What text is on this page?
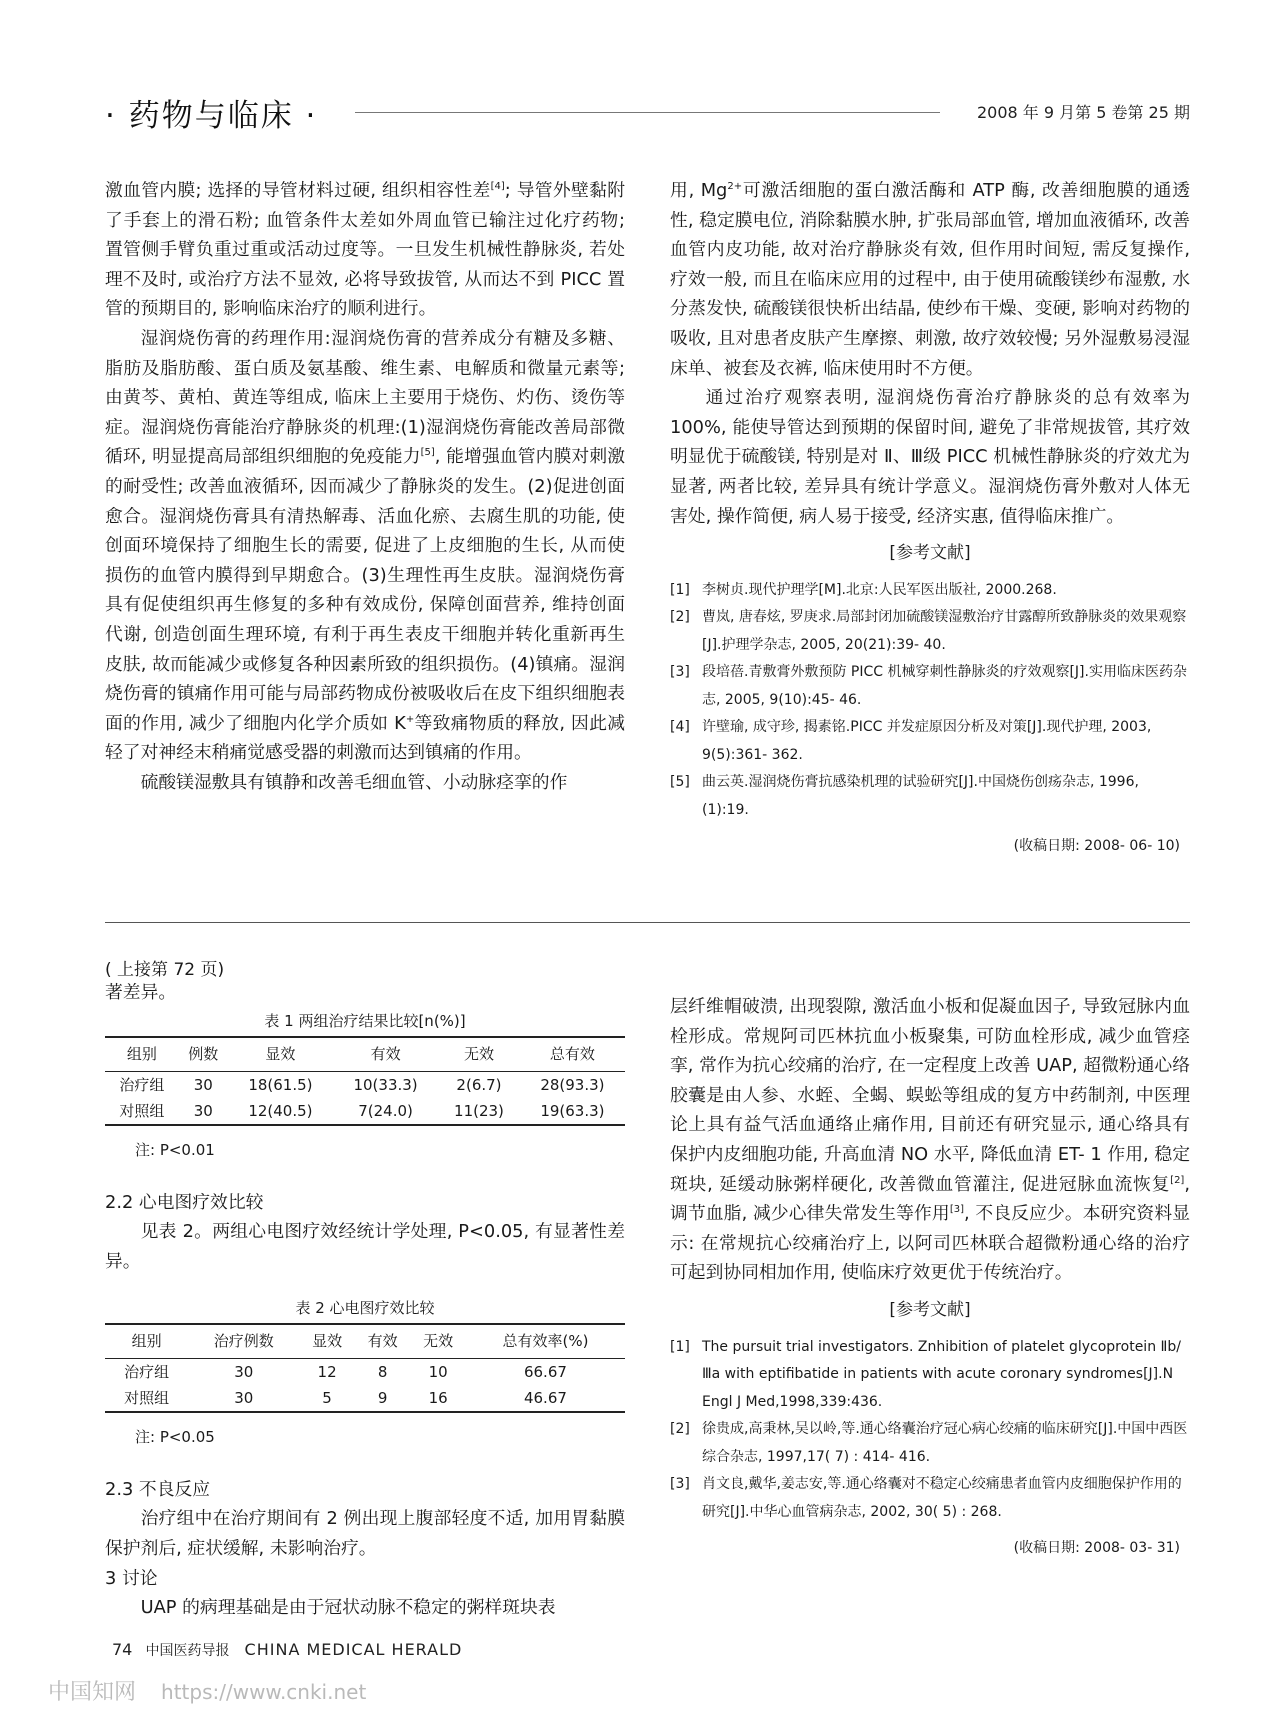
· 药物与临床 ·	2008 年 9 月第 5 卷第 25 期

激血管内膜; 选择的导管材料过硬, 组织相容性差[4]; 导管外壁黏附了手套上的滑石粉; 血管条件太差如外周血管已输注过化疗药物; 置管侧手臂负重过重或活动过度等。一旦发生机械性静脉炎, 若处理不及时, 或治疗方法不显效, 必将导致拔管, 从而达不到 PICC 置管的预期目的, 影响临床治疗的顺利进行。

湿润烧伤膏的药理作用:湿润烧伤膏的营养成分有糖及多糖、脂肪及脂肪酸、蛋白质及氨基酸、维生素、电解质和微量元素等; 由黄芩、黄柏、黄连等组成, 临床上主要用于烧伤、灼伤、烫伤等症。湿润烧伤膏能治疗静脉炎的机理:(1)湿润烧伤膏能改善局部微循环, 明显提高局部组织细胞的免疫能力[5], 能增强血管内膜对刺激的耐受性; 改善血液循环, 因而减少了静脉炎的发生。(2)促进创面愈合。湿润烧伤膏具有清热解毒、活血化瘀、去腐生肌的功能, 使创面环境保持了细胞生长的需要, 促进了上皮细胞的生长, 从而使损伤的血管内膜得到早期愈合。(3)生理性再生皮肤。湿润烧伤膏具有促使组织再生修复的多种有效成份, 保障创面营养, 维持创面代谢, 创造创面生理环境, 有利于再生表皮干细胞并转化重新再生皮肤, 故而能减少或修复各种因素所致的组织损伤。(4)镇痛。湿润烧伤膏的镇痛作用可能与局部药物成份被吸收后在皮下组织细胞表面的作用, 减少了细胞内化学介质如 K+等致痛物质的释放, 因此减轻了对神经末稍痛觉感受器的刺激而达到镇痛的作用。

硫酸镁湿敷具有镇静和改善毛细血管、小动脉痉挛的作

用, $Mg^{2+}$可激活细胞的蛋白激活酶和 ATP 酶, 改善细胞膜的通透性, 稳定膜电位, 消除黏膜水肿, 扩张局部血管, 增加血液循环, 改善血管内皮功能, 故对治疗静脉炎有效, 但作用时间短, 需反复操作, 疗效一般, 而且在临床应用的过程中, 由于使用硫酸镁纱布湿敷, 水分蒸发快, 硫酸镁很快析出结晶, 使纱布干燥、变硬, 影响对药物的吸收, 且对患者皮肤产生摩擦、刺激, 故疗效较慢; 另外湿敷易浸湿床单、被套及衣裤, 临床使用时不方便。

通过治疗观察表明, 湿润烧伤膏治疗静脉炎的总有效率为 100%, 能使导管达到预期的保留时间, 避免了非常规拔管, 其疗效明显优于硫酸镁, 特别是对 Ⅱ、Ⅲ级 PICC 机械性静脉炎的疗效尤为显著, 两者比较, 差异具有统计学意义。湿润烧伤膏外敷对人体无害处, 操作简便, 病人易于接受, 经济实惠, 值得临床推广。

[参考文献]
[1] 李树贞.现代护理学[M].北京:人民军医出版社, 2000.268.
[2] 曹岚, 唐春炫, 罗庚求.局部封闭加硫酸镁湿敷治疗甘露醇所致静脉炎的效果观察[J].护理学杂志, 2005, 20(21):39- 40.
[3] 段培蓓.青敷膏外敷预防 PICC 机械穿刺性静脉炎的疗效观察[J].实用临床医药杂志, 2005, 9(10):45- 46.
[4] 许壁瑜, 成守珍, 揭素铭.PICC 并发症原因分析及对策[J].现代护理, 2003, 9(5):361- 362.
[5] 曲云英.湿润烧伤膏抗感染机理的试验研究[J].中国烧伤创疡杂志, 1996, (1):19.
(收稿日期: 2008- 06- 10)
( 上接第 72 页)

著差异。

表 1 两组治疗结果比较[n(%)]
组别	例数	显效	有效	无效	总有效
治疗组	30	18(61.5)	10(33.3)	2(6.7)	28(93.3)
对照组	30	12(40.5)	7(24.0)	11(23)	19(63.3)
注: P<0.01

2.2 心电图疗效比较

见表 2。两组心电图疗效经统计学处理, P<0.05, 有显著性差异。

表 2 心电图疗效比较
组别	治疗例数	显效	有效	无效	总有效率(%)
治疗组	30	12	8	10	66.67
对照组	30	5	9	16	46.67
注: P<0.05

2.3 不良反应

治疗组中在治疗期间有 2 例出现上腹部轻度不适, 加用胃黏膜保护剂后, 症状缓解, 未影响治疗。

3 讨论

UAP 的病理基础是由于冠状动脉不稳定的粥样斑块表

层纤维帽破溃, 出现裂隙, 激活血小板和促凝血因子, 导致冠脉内血栓形成。常规阿司匹林抗血小板聚集, 可防血栓形成, 减少血管痉挛, 常作为抗心绞痛的治疗, 在一定程度上改善 UAP, 超微粉通心络胶囊是由人参、水蛭、全蝎、蜈蚣等组成的复方中药制剂, 中医理论上具有益气活血通络止痛作用, 目前还有研究显示, 通心络具有保护内皮细胞功能, 升高血清 NO 水平, 降低血清 ET- 1 作用, 稳定斑块, 延缓动脉粥样硬化, 改善微血管灌注, 促进冠脉血流恢复[2], 调节血脂, 减少心律失常发生等作用[3], 不良反应少。本研究资料显示: 在常规抗心绞痛治疗上, 以阿司匹林联合超微粉通心络的治疗可起到协同相加作用, 使临床疗效更优于传统治疗。

[参考文献]
[1] The pursuit trial investigators. Znhibition of platelet glycoprotein Ⅱb/Ⅲa with eptifibatide in patients with acute coronary syndromes[J].N Engl J Med,1998,339:436.
[2] 徐贵成,高秉林,吴以岭,等.通心络囊治疗冠心病心绞痛的临床研究[J].中国中西医综合杂志, 1997,17( 7) : 414- 416.
[3] 肖文良,戴华,姜志安,等.通心络囊对不稳定心绞痛患者血管内皮细胞保护作用的研究[J].中华心血管病杂志, 2002, 30( 5) : 268.
(收稿日期: 2008- 03- 31)
74 中国医药导报 CHINA MEDICAL HERALD
中国知网 https://www.cnki.net
